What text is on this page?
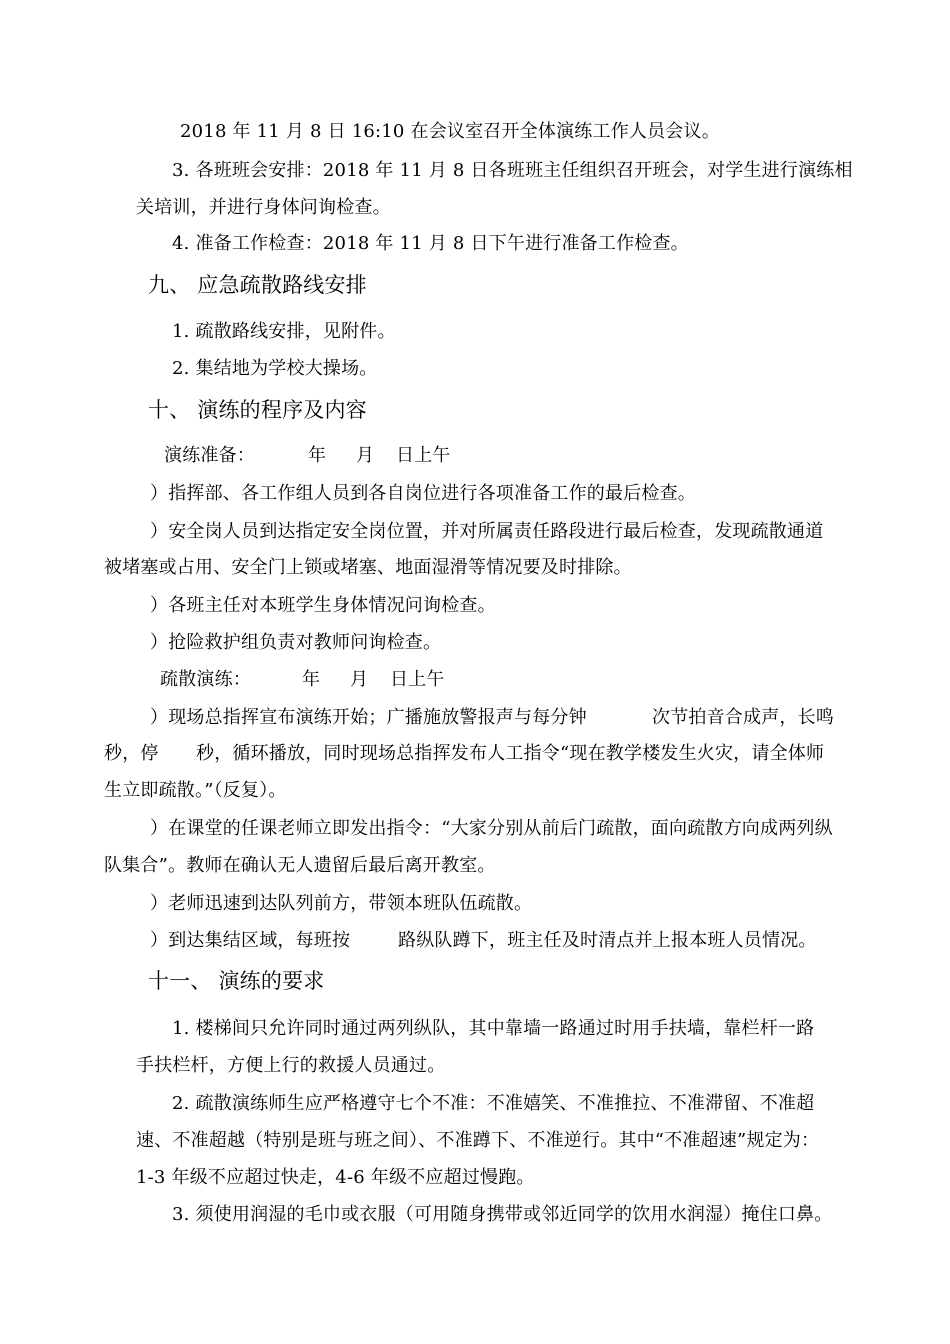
2018 年 11 月 8 日 16:10 在会议室召开全体演练工作人员会议。
3. 各班班会安排：2018 年 11 月 8 日各班班主任组织召开班会，对学生进行演练相
关培训，并进行身体问询检查。
4. 准备工作检查：2018 年 11 月 8 日下午进行准备工作检查。
九、 应急疏散路线安排
1. 疏散路线安排，见附件。
2. 集结地为学校大操场。
十、 演练的程序及内容
演练准备：	年 月 日上午
）指挥部、各工作组人员到各自岗位进行各项准备工作的最后检查。
）安全岗人员到达指定安全岗位置，并对所属责任路段进行最后检查，发现疏散通道
被堵塞或占用、安全门上锁或堵塞、地面湿滑等情况要及时排除。
）各班主任对本班学生身体情况问询检查。
）抢险救护组负责对教师问询检查。
疏散演练：	年 月 日上午
）现场总指挥宣布演练开始；广播施放警报声与每分钟	次节拍音合成声，长鸣
秒，停 秒，循环播放，同时现场总指挥发布人工指令“现在教学楼发生火灾，请全体师
生立即疏散。”（反复）。
）在课堂的任课老师立即发出指令：“大家分别从前后门疏散，面向疏散方向成两列纵
队集合”。教师在确认无人遗留后最后离开教室。
）老师迅速到达队列前方，带领本班队伍疏散。
）到达集结区域，每班按	路纵队蹲下，班主任及时清点并上报本班人员情况。
十一、 演练的要求
1. 楼梯间只允许同时通过两列纵队，其中靠墙一路通过时用手扶墙，靠栏杆一路
手扶栏杆，方便上行的救援人员通过。
2. 疏散演练师生应严格遵守七个不准：不准嬉笑、不准推拉、不准滞留、不准超
速、不准超越（特别是班与班之间）、不准蹲下、不准逆行。其中“不准超速”规定为：
1-3 年级不应超过快走，4-6 年级不应超过慢跑。
3. 须使用润湿的毛巾或衣服（可用随身携带或邻近同学的饮用水润湿）掩住口鼻。
